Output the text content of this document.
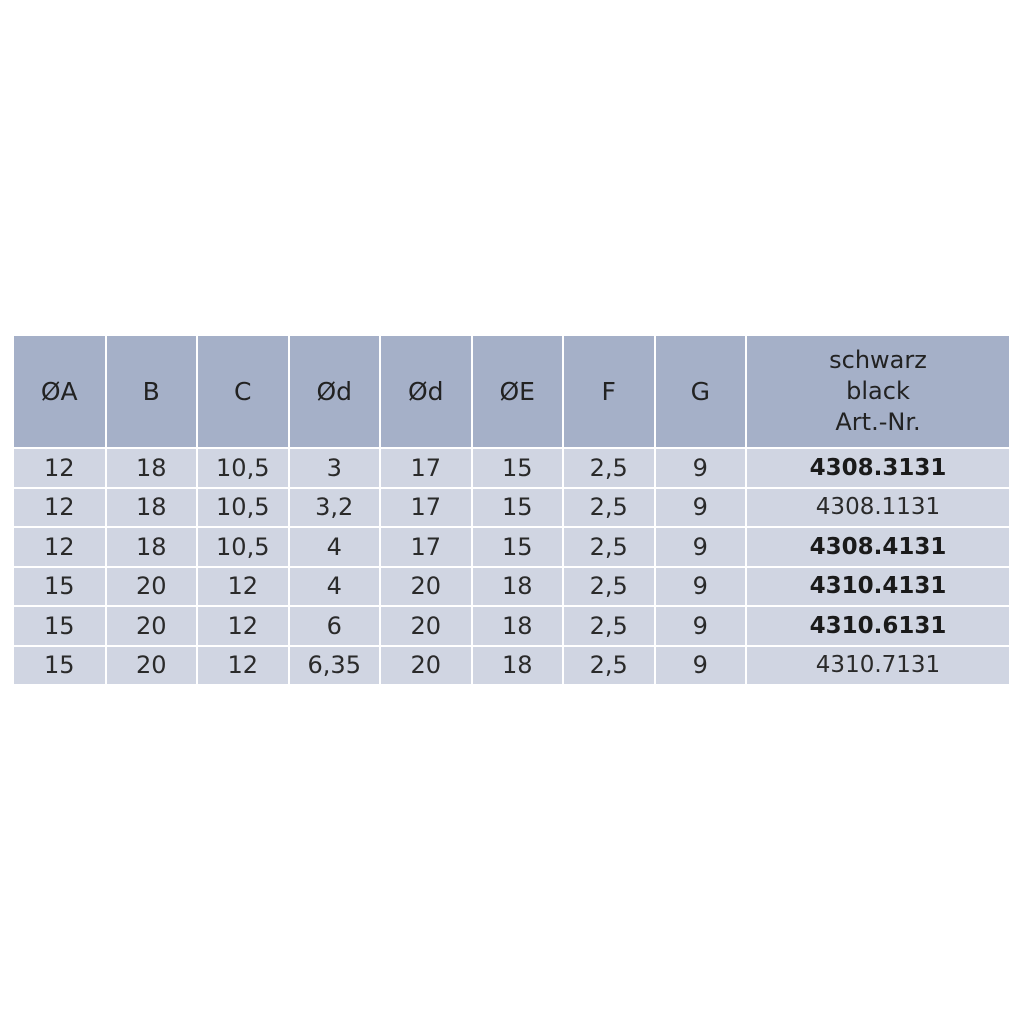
ØA	B	C	Ød	Ød	ØE	F	G	schwarz
black
Art.-Nr.

12	18	10,5	3	17	15	2,5	9	4308.3131
12	18	10,5	3,2	17	15	2,5	9	4308.1131
12	18	10,5	4	17	15	2,5	9	4308.4131
15	20	12	4	20	18	2,5	9	4310.4131
15	20	12	6	20	18	2,5	9	4310.6131
15	20	12	6,35	20	18	2,5	9	4310.7131
